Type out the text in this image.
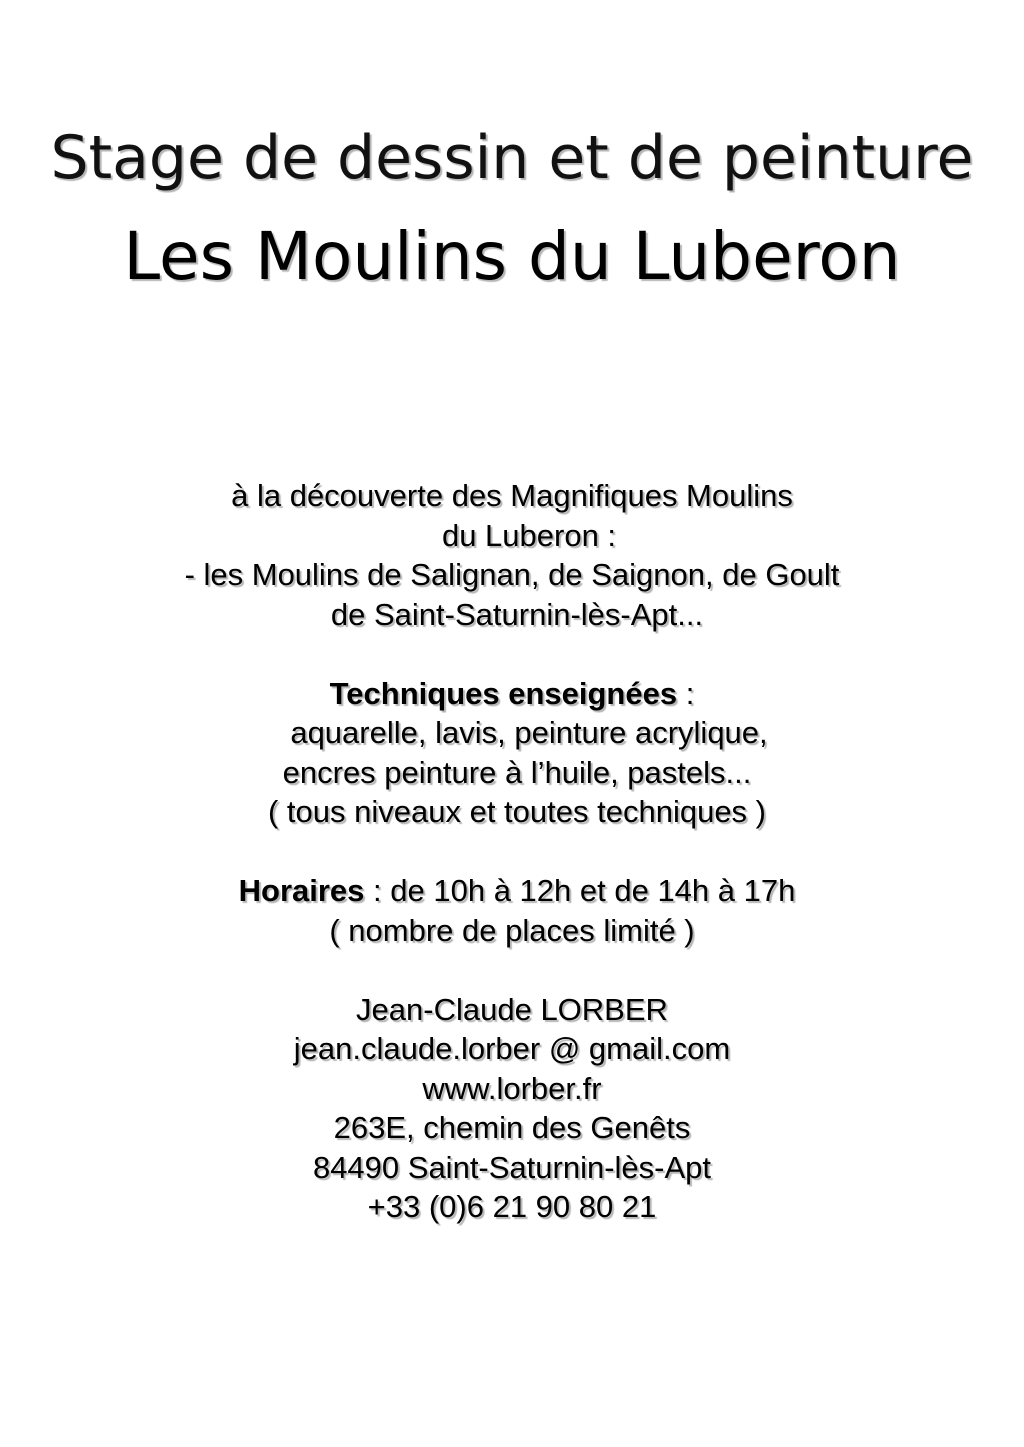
Stage de dessin et de peinture
Les Moulins du Luberon
à la découverte des Magnifiques Moulins
du Luberon :
- les Moulins de Salignan, de Saignon, de Goult
de Saint-Saturnin-lès-Apt...
Techniques enseignées :
aquarelle, lavis, peinture acrylique,
encres peinture à l’huile, pastels...
( tous niveaux et toutes techniques )
Horaires : de 10h à 12h et de 14h à 17h
( nombre de places limité )
Jean-Claude LORBER
jean.claude.lorber @ gmail.com
www.lorber.fr
263E, chemin des Genêts
84490 Saint-Saturnin-lès-Apt
+33 (0)6 21 90 80 21
